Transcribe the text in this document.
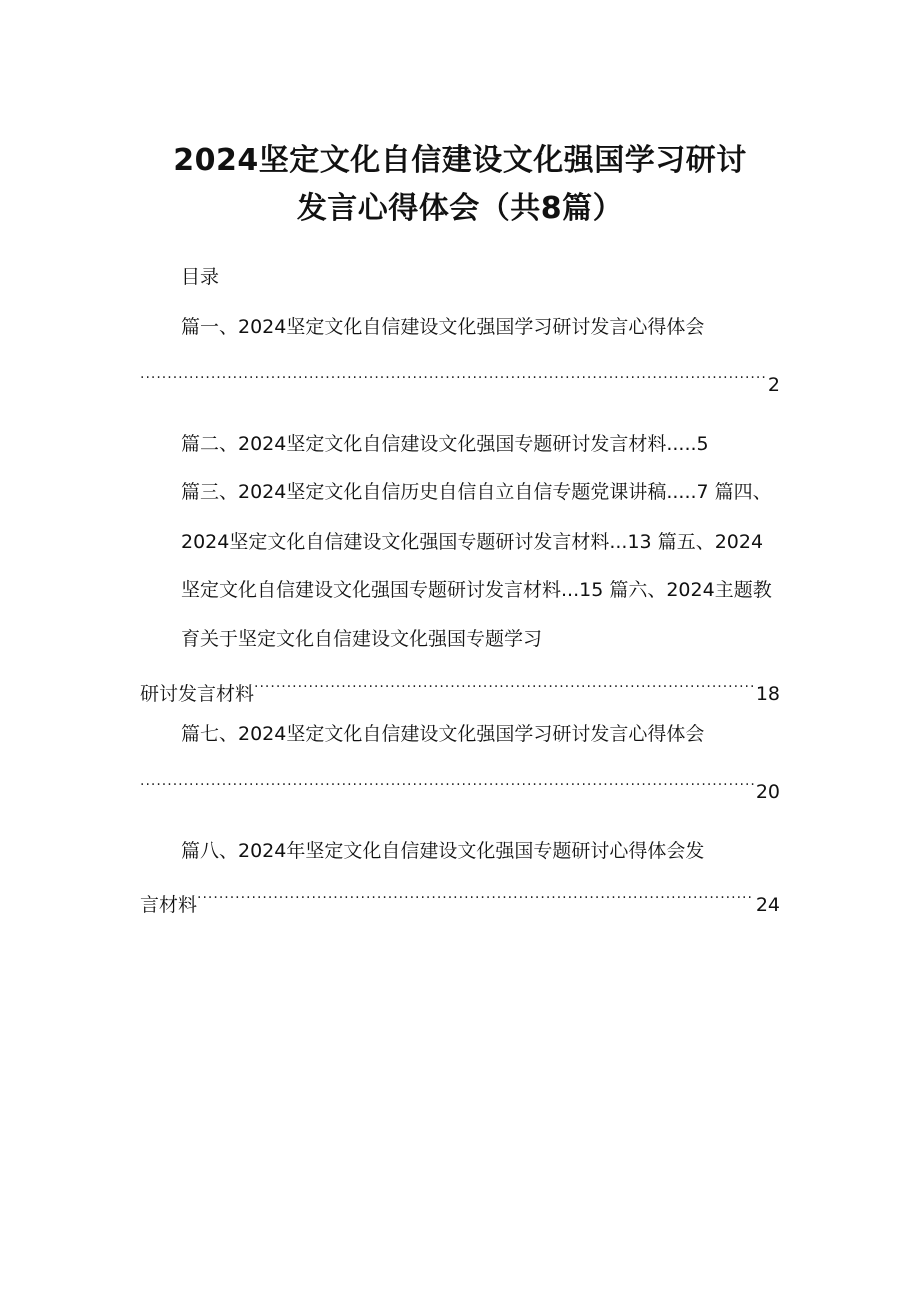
2024坚定文化自信建设文化强国学习研讨
发言心得体会（共8篇）
目录
篇一、2024坚定文化自信建设文化强国学习研讨发言心得体会
.....
2
篇二、2024坚定文化自信建设文化强国专题研讨发言材料.....5
篇三、2024坚定文化自信历史自信自立自信专题党课讲稿.....7 篇四、
2024坚定文化自信建设文化强国专题研讨发言材料...13 篇五、2024
坚定文化自信建设文化强国专题研讨发言材料...15 篇六、2024主题教
育关于坚定文化自信建设文化强国专题学习
研讨发言材料 .....	18
篇七、2024坚定文化自信建设文化强国学习研讨发言心得体会
.....
20
篇八、2024年坚定文化自信建设文化强国专题研讨心得体会发
言材料 .....	24
